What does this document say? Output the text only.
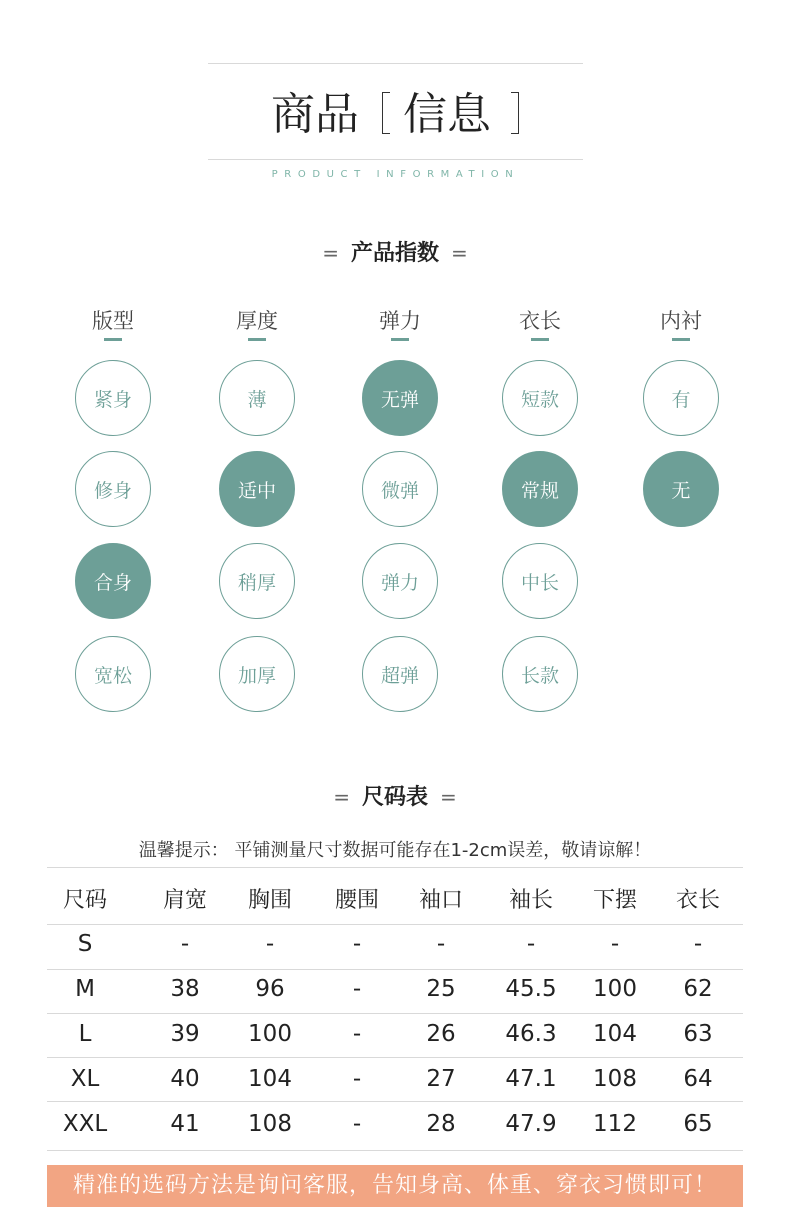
商品 信息
PRODUCT INFORMATION
= 产品指数 =
版型
紧身
修身
合身
宽松
厚度
薄
适中
稍厚
加厚
弹力
无弹
微弹
弹力
超弹
衣长
短款
常规
中长
长款
内衬
有
无
= 尺码表 =
温馨提示： 平铺测量尺寸数据可能存在1-2cm误差，敬请谅解！
尺码	肩宽	胸围	腰围	袖口	袖长	下摆	衣长
S	-	-	-	-	-	-	-
M	38	96	-	25	45.5	100	62
L	39	100	-	26	46.3	104	63
XL	40	104	-	27	47.1	108	64
XXL	41	108	-	28	47.9	112	65
精准的选码方法是询问客服，告知身高、体重、穿衣习惯即可！
